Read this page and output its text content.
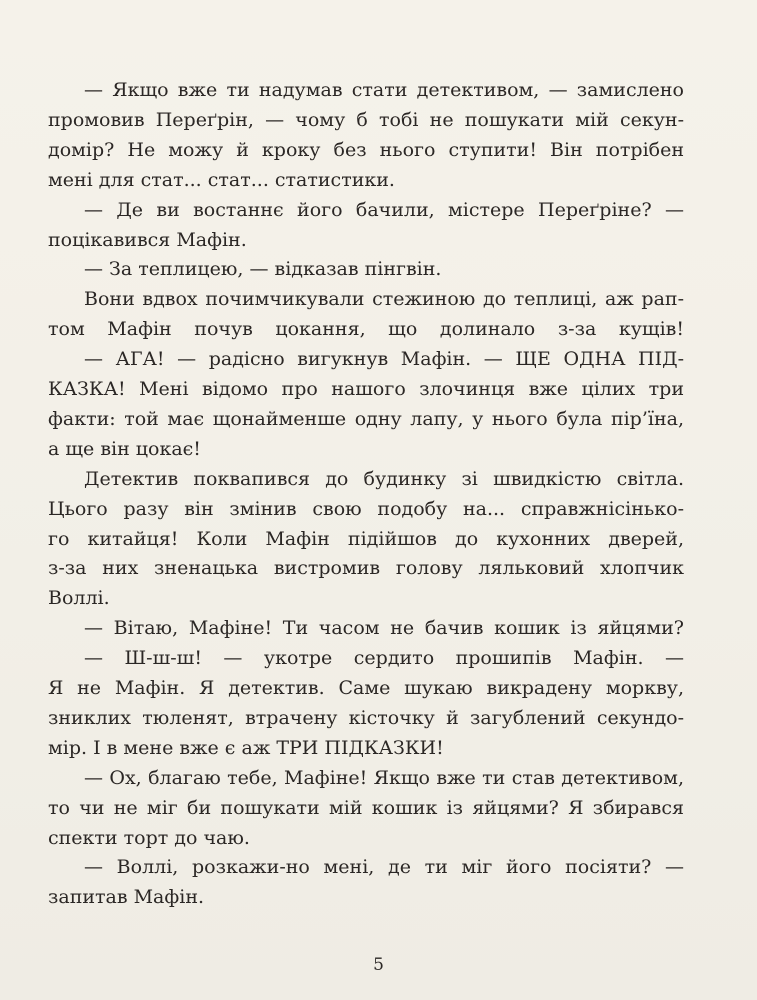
— Якщо вже ти надумав стати детективом, — замислено
промовив Переґрін, — чому б тобі не пошукати мій секун-
домір? Не можу й кроку без нього ступити! Він потрібен
мені для стат... стат... статистики.
— Де ви востаннє його бачили, містере Переґріне? —
поцікавився Мафін.
— За теплицею, — відказав пінгвін.
Вони вдвох почимчикували стежиною до теплиці, аж рап-
том Мафін почув цокання, що долинало з-за кущів!
— АГА! — радісно вигукнув Мафін. — ЩЕ ОДНА ПІД-
КАЗКА! Мені відомо про нашого злочинця вже цілих три
факти: той має щонайменше одну лапу, у нього була пір’їна,
а ще він цокає!
Детектив поквапився до будинку зі швидкістю світла.
Цього разу він змінив свою подобу на... справжнісінько-
го китайця! Коли Мафін підійшов до кухонних дверей,
з-за них зненацька вистромив голову ляльковий хлопчик
Воллі.
— Вітаю, Мафіне! Ти часом не бачив кошик із яйцями?
— Ш-ш-ш! — укотре сердито прошипів Мафін. —
Я не Мафін. Я детектив. Саме шукаю викрадену моркву,
зниклих тюленят, втрачену кісточку й загублений секундо-
мір. І в мене вже є аж ТРИ ПІДКАЗКИ!
— Ох, благаю тебе, Мафіне! Якщо вже ти став детективом,
то чи не міг би пошукати мій кошик із яйцями? Я збирався
спекти торт до чаю.
— Воллі, розкажи-но мені, де ти міг його посіяти? —
запитав Мафін.
5
